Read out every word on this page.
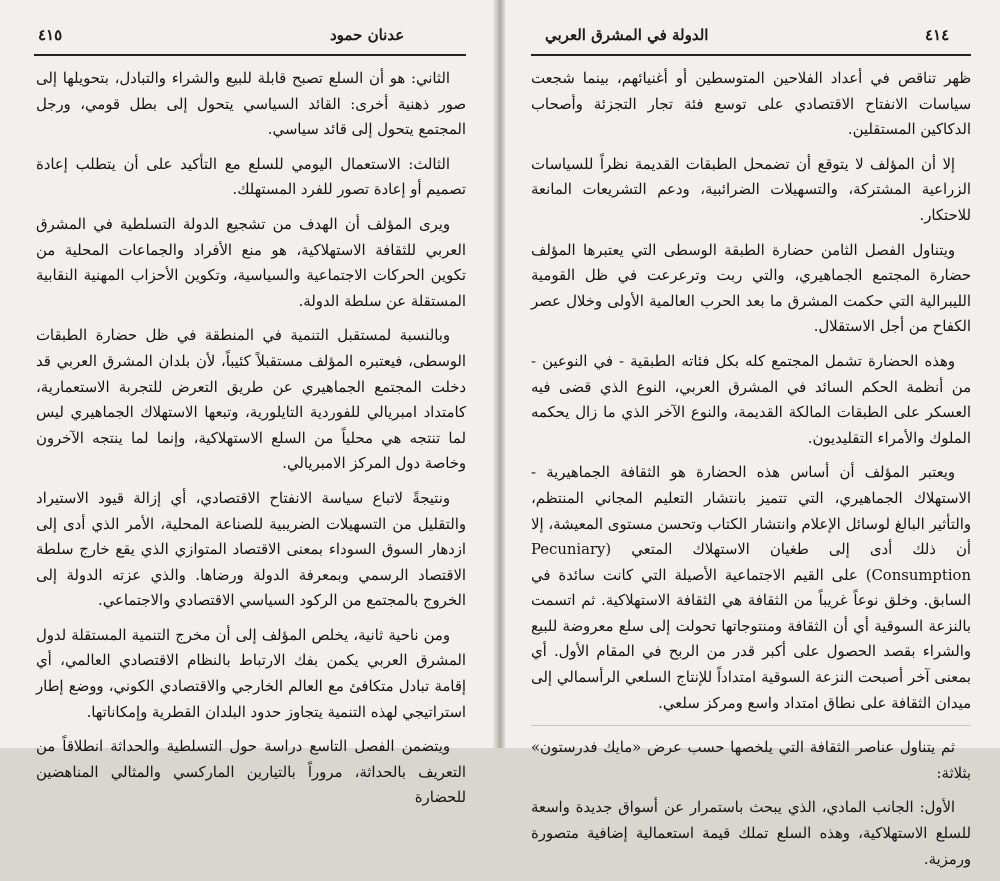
٤١٥	عدنان حمود

الثاني: هو أن السلع تصبح قابلة للبيع والشراء والتبادل، بتحويلها إلى صور ذهنية أخرى: القائد السياسي يتحول إلى بطل قومي، ورجل المجتمع يتحول إلى قائد سياسي.

الثالث: الاستعمال اليومي للسلع مع التأكيد على أن يتطلب إعادة تصميم أو إعادة تصور للفرد المستهلك.

ويرى المؤلف أن الهدف من تشجيع الدولة التسلطية في المشرق العربي للثقافة الاستهلاكية، هو منع الأفراد والجماعات المحلية من تكوين الحركات الاجتماعية والسياسية، وتكوين الأحزاب المهنية النقابية المستقلة عن سلطة الدولة.

وبالنسبة لمستقبل التنمية في المنطقة في ظل حضارة الطبقات الوسطى، فيعتبره المؤلف مستقبلاً كئيباً، لأن بلدان المشرق العربي قد دخلت المجتمع الجماهيري عن طريق التعرض للتجربة الاستعمارية، كامتداد امبريالي للفوردية التايلورية، وتبعها الاستهلاك الجماهيري ليس لما تنتجه هي محلياً من السلع الاستهلاكية، وإنما لما ينتجه الآخرون وخاصة دول المركز الامبريالي.

ونتيجةً لاتباع سياسة الانفتاح الاقتصادي، أي إزالة قيود الاستيراد والتقليل من التسهيلات الضريبية للصناعة المحلية، الأمر الذي أدى إلى ازدهار السوق السوداء بمعنى الاقتصاد المتوازي الذي يقع خارج سلطة الاقتصاد الرسمي وبمعرفة الدولة ورضاها. والذي عزته الدولة إلى الخروج بالمجتمع من الركود السياسي الاقتصادي والاجتماعي.

ومن ناحية ثانية، يخلص المؤلف إلى أن مخرج التنمية المستقلة لدول المشرق العربي يكمن بفك الارتباط بالنظام الاقتصادي العالمي، أي إقامة تبادل متكافئ مع العالم الخارجي والاقتصادي الكوني، ووضع إطار استراتيجي لهذه التنمية يتجاوز حدود البلدان القطرية وإمكاناتها.

ويتضمن الفصل التاسع دراسة حول التسلطية والحداثة انطلاقاً من التعريف بالحداثة، مروراً بالتيارين الماركسي والمثالي المناهضين للحضارة

الدولة في المشرق العربي	٤١٤

ظهر تناقص في أعداد الفلاحين المتوسطين أو أغنيائهم، بينما شجعت سياسات الانفتاح الاقتصادي على توسع فئة تجار التجزئة وأصحاب الدكاكين المستقلين.

إلا أن المؤلف لا يتوقع أن تضمحل الطبقات القديمة نظراً للسياسات الزراعية المشتركة، والتسهيلات الضرائبية، ودعم التشريعات المانعة للاحتكار.

ويتناول الفصل الثامن حضارة الطبقة الوسطى التي يعتبرها المؤلف حضارة المجتمع الجماهيري، والتي ربت وترعرعت في ظل القومية الليبرالية التي حكمت المشرق ما بعد الحرب العالمية الأولى وخلال عصر الكفاح من أجل الاستقلال.

وهذه الحضارة تشمل المجتمع كله بكل فئاته الطبقية - في النوعين - من أنظمة الحكم السائد في المشرق العربي، النوع الذي قضى فيه العسكر على الطبقات المالكة القديمة، والنوع الآخر الذي ما زال يحكمه الملوك والأمراء التقليديون.

ويعتبر المؤلف أن أساس هذه الحضارة هو الثقافة الجماهيرية - الاستهلاك الجماهيري، التي تتميز بانتشار التعليم المجاني المنتظم، والتأثير البالغ لوسائل الإعلام وانتشار الكتاب وتحسن مستوى المعيشة، إلا أن ذلك أدى إلى طغيان الاستهلاك المتعي (Pecuniary Consumption) على القيم الاجتماعية الأصيلة التي كانت سائدة في السابق. وخلق نوعاً غريباً من الثقافة هي الثقافة الاستهلاكية. ثم اتسمت بالنزعة السوقية أي أن الثقافة ومنتوجاتها تحولت إلى سلع معروضة للبيع والشراء بقصد الحصول على أكبر قدر من الربح في المقام الأول. أي بمعنى آخر أصبحت النزعة السوقية امتداداً للإنتاج السلعي الرأسمالي إلى ميدان الثقافة على نطاق امتداد واسع ومركز سلعي.

ثم يتناول عناصر الثقافة التي يلخصها حسب عرض «مايك فدرستون» بثلاثة:

الأول: الجانب المادي، الذي يبحث باستمرار عن أسواق جديدة واسعة للسلع الاستهلاكية، وهذه السلع تملك قيمة استعمالية إضافية متصورة ورمزية.
